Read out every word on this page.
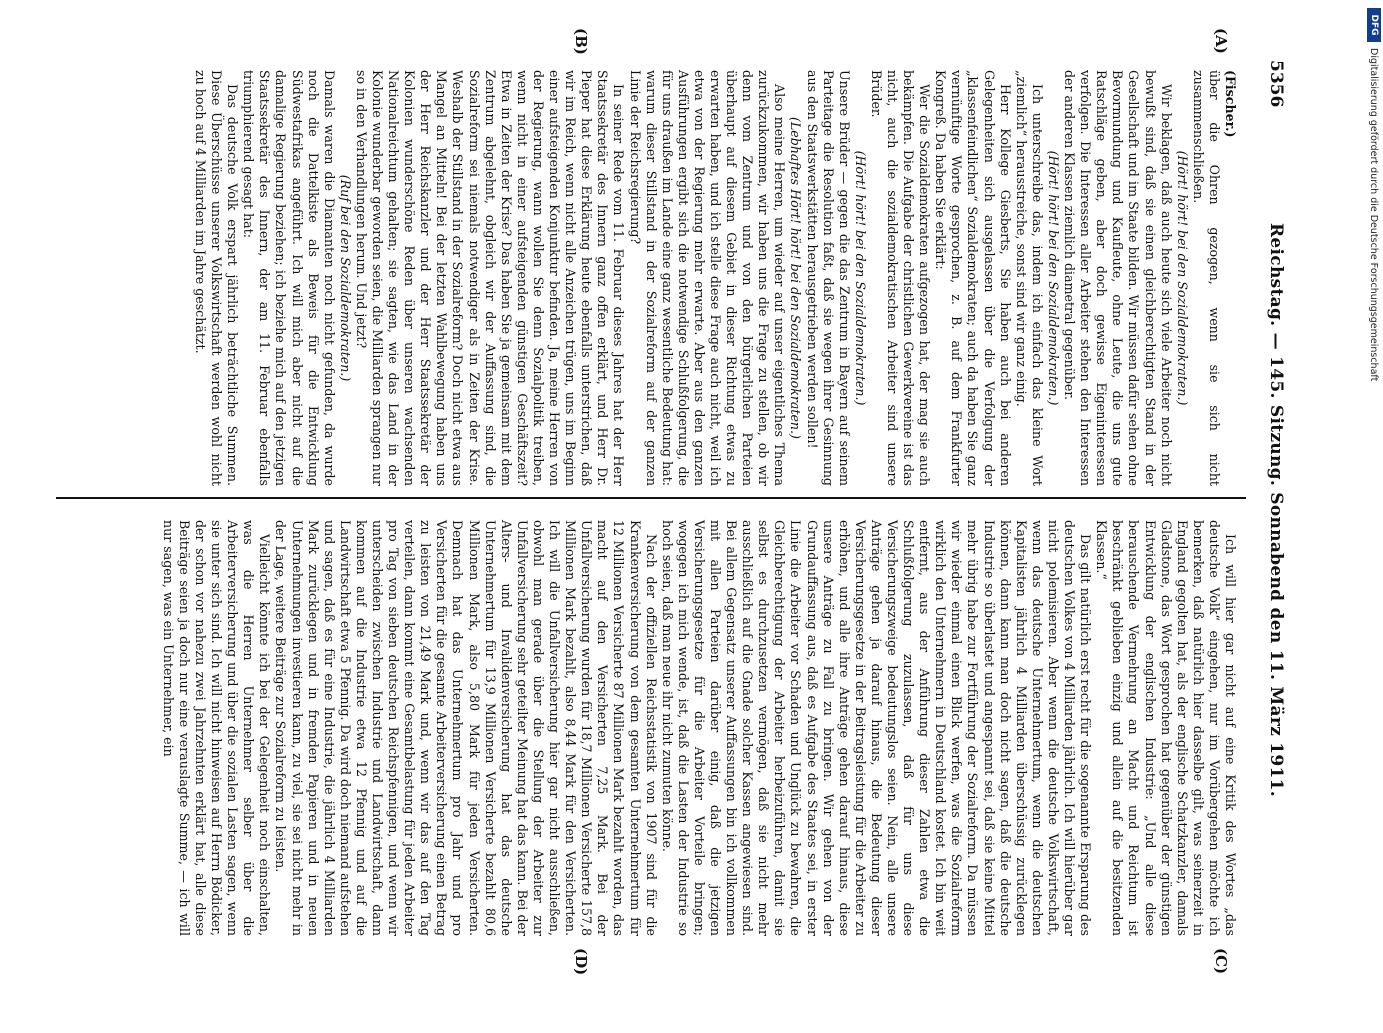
5356
Reichstag. — 145. Sitzung. Sonnabend den 11. März 1911.
(A)
(B)
(C)
(D)

(Fischer.)

über die Ohren gezogen, wenn sie sich nicht zusammenschließen.

(Hört! hört! bei den Sozialdemokraten.)

Wir beklagen, daß auch heute sich viele Arbeiter noch nicht bewußt sind, daß sie einen gleichberechtigten Stand in der Gesellschaft und im Staate bilden. Wir müssen dafür sehen ohne Bevormundung und Kaufleute, ohne Leute, die uns gute Ratschläge geben, aber doch gewisse Eigeninteressen verfolgen. Die Interessen aller Arbeiter stehen den Interessen der anderen Klassen ziemlich diametral gegenüber.

(Hört! hört! bei den Sozialdemokraten.)

Ich unterschreibe das, indem ich einfach das kleine Wort „ziemlich“ herausstreiche, sonst sind wir ganz einig.

Herr Kollege Giesberts, Sie haben auch bei anderen Gelegenheiten sich ausgelassen über die Verfolgung der „klassenfeindlichen“ Sozialdemokraten; auch da haben Sie ganz vernünftige Worte gesprochen, z. B. auf dem Frankfurter Kongreß. Da haben Sie erklärt:

Wer die Sozialdemokraten aufgezogen hat, der mag sie auch bekämpfen. Die Aufgabe der christlichen Gewerkvereine ist das nicht, auch die sozialdemokratischen Arbeiter sind unsere Brüder.

(Hört! hört! bei den Sozialdemokraten.)

Unsere Brüder — gegen die das Zentrum in Bayern auf seinem Parteitage die Resolution faßt, daß sie wegen ihrer Gesinnung aus den Staatswerkstätten herausgetrieben werden sollen!

(Lebhaftes Hört! hört! bei den Sozialdemokraten.)

Also meine Herren, um wieder auf unser eigentliches Thema zurückzukommen, wir haben uns die Frage zu stellen, ob wir denn vom Zentrum und von den bürgerlichen Parteien überhaupt auf diesem Gebiet in dieser Richtung etwas zu erwarten haben, und ich stelle diese Frage auch nicht, weil ich etwa von der Regierung mehr erwarte. Aber aus den ganzen Ausführungen ergibt sich die notwendige Schlußfolgerung, die für uns draußen im Lande eine ganz wesentliche Bedeutung hat: warum dieser Stillstand in der Sozialreform auf der ganzen Linie der Reichsregierung?

In seiner Rede vom 11. Februar dieses Jahres hat der Herr Staatssekretär des Innern ganz offen erklärt, und Herr Dr. Pieper hat diese Erklärung heute ebenfalls unterstrichen, daß wir im Reich, wenn nicht alle Anzeichen trügen, uns im Beginn einer aufsteigenden Konjunktur befinden. Ja, meine Herren von der Regierung, wann wollen Sie denn Sozialpolitik treiben, wenn nicht in einer aufsteigenden günstigen Geschäftszeit? Etwa in Zeiten der Krise? Das haben Sie ja gemeinsam mit dem Zentrum abgelehnt, obgleich wir der Auffassung sind, die Sozialreform sei niemals notwendiger als in Zeiten der Krise. Weshalb der Stillstand in der Sozialreform? Doch nicht etwa aus Mangel an Mitteln! Bei der letzten Wahlbewegung haben uns der Herr Reichskanzler und der Herr Staatssekretär der Kolonien wunderschöne Reden über unseren wachsenden Nationalreichtum gehalten; sie sagten, wie das Land in der Kolonie wunderbar geworden seien, die Milliarden sprangen nur so in den Verhandlungen herum. Und jetzt?

(Ruf bei den Sozialdemokraten.)

Damals waren die Diamanten noch nicht gefunden, da wurde noch die Dattelkiste als Beweis für die Entwicklung Südwestafrikas angeführt. Ich will mich aber nicht auf die damalige Regierung beziehen; ich beziehe mich auf den jetzigen Staatssekretär des Innern, der am 11. Februar ebenfalls triumphierend gesagt hat:

Das deutsche Volk erspart jährlich beträchtliche Summen. Diese Überschüsse unserer Volkswirtschaft werden wohl nicht zu hoch auf 4 Milliarden im Jahre geschätzt.

Ich will hier gar nicht auf eine Kritik des Wortes „das deutsche Volk“ eingehen, nur im Vorübergehen möchte ich bemerken, daß natürlich hier dasselbe gilt, was seinerzeit in England gegolten hat, als der englische Schatzkanzler, damals Gladstone, das Wort gesprochen hat gegenüber der günstigen Entwicklung der englischen Industrie: „Und alle diese berauschende Vermehrung an Macht und Reichtum ist beschränkt geblieben einzig und allein auf die besitzenden Klassen.“

Das gilt natürlich erst recht für die sogenannte Ersparung des deutschen Volkes von 4 Milliarden jährlich. Ich will hierüber gar nicht polemisieren. Aber wenn die deutsche Volkswirtschaft, wenn das deutsche Unternehmertum, wenn die deutschen Kapitalisten jährlich 4 Milliarden überschüssig zurücklegen können, dann kann man doch nicht sagen, daß die deutsche Industrie so überlastet und angespannt sei, daß sie keine Mittel mehr übrig habe zur Fortführung der Sozialreform. Da müssen wir wieder einmal einen Blick werfen, was die Sozialreform wirklich den Unternehmern in Deutschland kostet. Ich bin weit entfernt, aus der Anführung dieser Zahlen etwa die Schlußfolgerung zuzulassen, daß für uns diese Versicherungszweige bedeutungslos seien. Nein, alle unsere Anträge gehen ja darauf hinaus, die Bedeutung dieser Versicherungsgesetze in der Beitragsleistung für die Arbeiter zu erhöhen, und alle ihre Anträge gehen darauf hinaus, diese unsere Anträge zu Fall zu bringen. Wir gehen von der Grundauffassung aus, daß es Aufgabe des Staates sei, in erster Linie die Arbeiter vor Schaden und Unglück zu bewahren, die Gleichberechtigung der Arbeiter herbeizuführen, damit sie selbst es durchzusetzen vermögen, daß sie nicht mehr ausschließlich auf die Gnade solcher Kassen angewiesen sind. Bei allem Gegensatz unserer Auffassungen bin ich vollkommen mit allen Parteien darüber einig, daß die jetzigen Versicherungsgesetze für die Arbeiter Vorteile bringen; wogegen ich mich wende, ist, daß die Lasten der Industrie so hoch seien, daß man neue ihr nicht zumuten könne.

Nach der offiziellen Reichsstatistik von 1907 sind für die Krankenversicherung von dem gesamten Unternehmertum für 12 Millionen Versicherte 87 Millionen Mark bezahlt worden, das macht auf den Versicherten 7,25 Mark. Bei der Unfallversicherung wurden für 18,7 Millionen Versicherte 157,8 Millionen Mark bezahlt, also 8,44 Mark für den Versicherten. Ich will die Unfallversicherung hier gar nicht ausschließen, obwohl man gerade über die Stellung der Arbeiter zur Unfallversicherung sehr geteilter Meinung hat das kann. Bei der Alters- und Invalidenversicherung hat das deutsche Unternehmertum für 13,9 Millionen Versicherte bezahlt 80,6 Millionen Mark, also 5,80 Mark für jeden Versicherten. Demnach hat das Unternehmertum pro Jahr und pro Versicherten für die gesamte Arbeiterversicherung einen Betrag zu leisten von 21,49 Mark und, wenn wir das auf den Tag verteilen, dann kommt eine Gesamtbelastung für jeden Arbeiter pro Tag von sieben deutschen Reichspfennigen, und wenn wir unterscheiden zwischen Industrie und Landwirtschaft, dann kommen auf die Industrie etwa 12 Pfennig und auf die Landwirtschaft etwa 5 Pfennig. Da wird doch niemand aufstehen und sagen, daß es für eine Industrie, die jährlich 4 Milliarden Mark zurücklegen und in fremden Papieren und in neuen Unternehmungen investieren kann, zu viel, sie sei nicht mehr in der Lage, weitere Beiträge zur Sozialreform zu leisten.

Vielleicht könnte ich bei der Gelegenheit noch einschalten, was die Herren Unternehmer selber über die Arbeiterversicherung und über die sozialen Lasten sagen, wenn sie unter sich sind. Ich will nicht hinweisen auf Herrn Bödicker, der schon vor nahezu zwei Jahrzehnten erklärt hat, alle diese Beiträge seien ja doch nur eine verauslagte Summe, — ich will nur sagen, was ein Unternehmer, ein

DFG
Digitalisierung gefördert durch die Deutsche Forschungsgemeinschaft
